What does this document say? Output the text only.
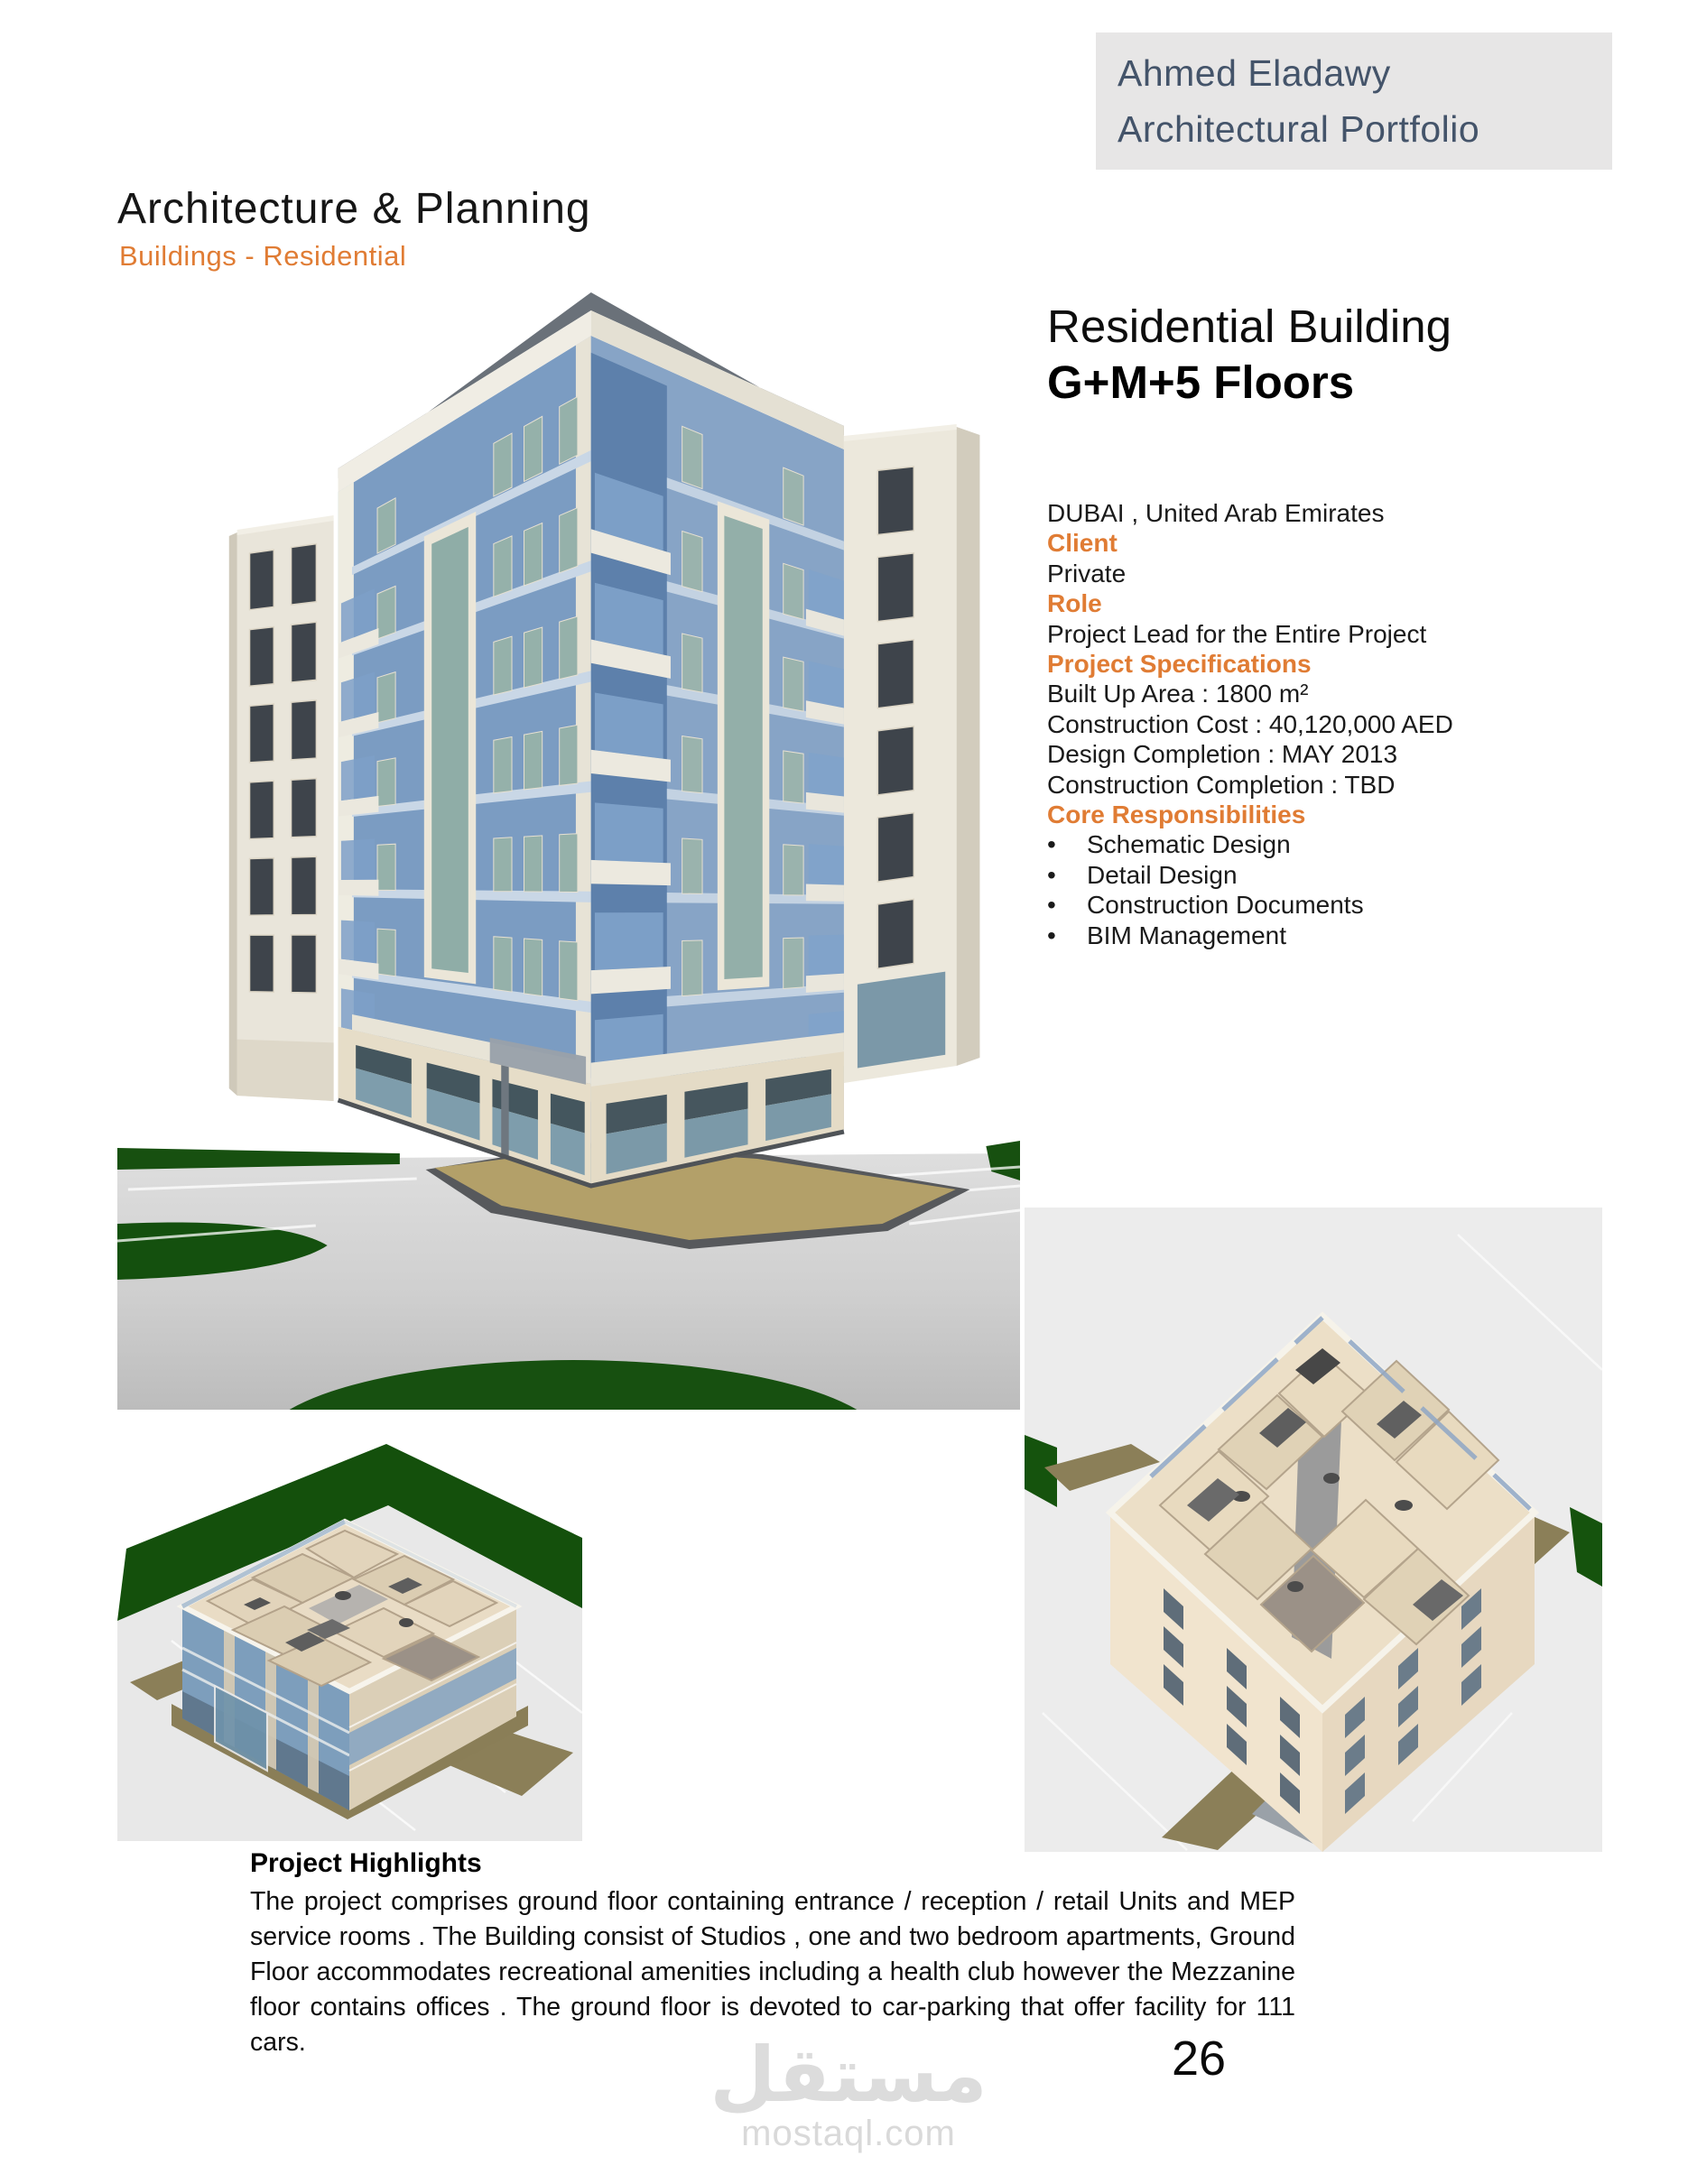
Ahmed Eladawy
Architectural Portfolio
Architecture & Planning
Buildings - Residential
Residential Building
G+M+5 Floors
DUBAI , United Arab Emirates
Client
Private
Role
Project Lead for the Entire Project
Project Specifications
Built Up Area : 1800 m²
Construction Cost : 40,120,000 AED
Design Completion : MAY 2013
Construction Completion : TBD
Core Responsibilities
• Schematic Design
• Detail Design
• Construction Documents
• BIM Management
Project Highlights
The project comprises ground floor containing entrance / reception / retail Units and MEP service rooms . The Building consist of Studios , one and two bedroom apartments, Ground Floor accommodates recreational amenities including a health club however the Mezzanine floor contains offices . The ground floor is devoted to car-parking that offer facility for 111 cars.	26
مستقل
mostaql.com
